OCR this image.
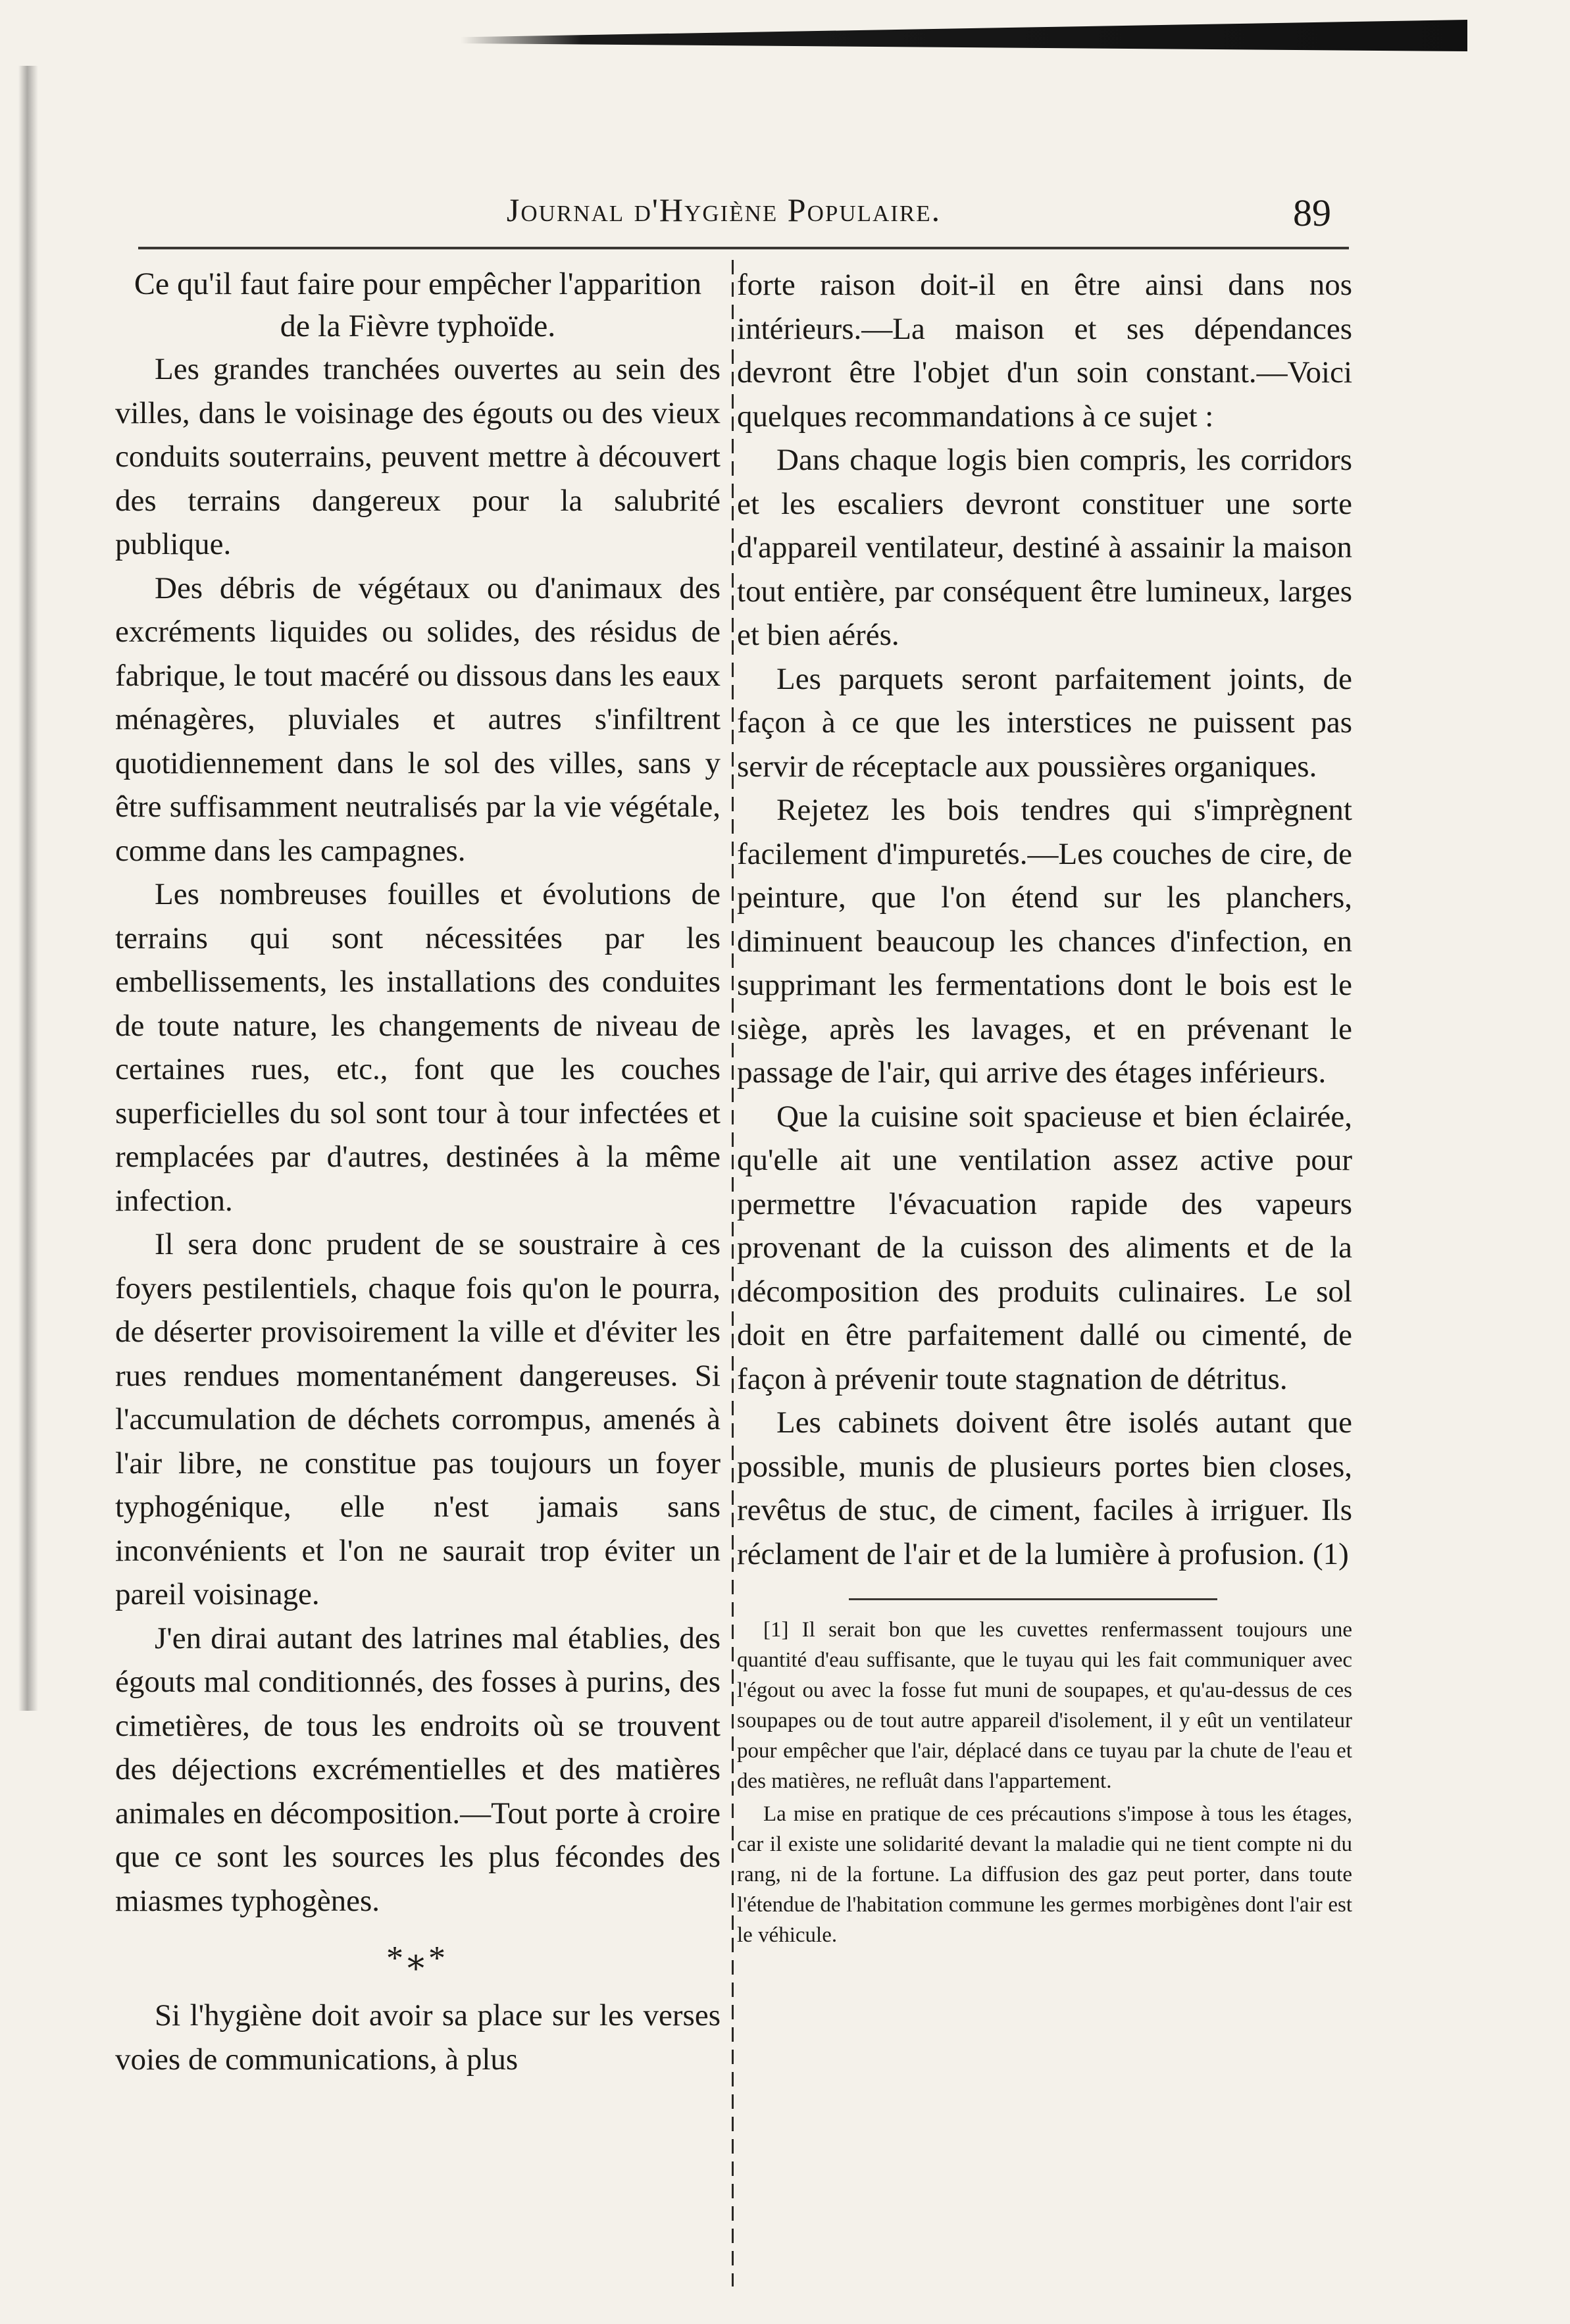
Journal d'Hygiène Populaire.	89
Ce qu'il faut faire pour empêcher l'apparition
de la Fièvre typhoïde.

Les grandes tranchées ouvertes au sein des villes, dans le voisinage des égouts ou des vieux conduits souterrains, peuvent mettre à découvert des terrains dangereux pour la salubrité publique.

Des débris de végétaux ou d'animaux des excréments liquides ou solides, des résidus de fabrique, le tout macéré ou dissous dans les eaux ménagères, pluviales et autres s'infiltrent quotidiennement dans le sol des villes, sans y être suffisamment neutralisés par la vie végétale, comme dans les campagnes.

Les nombreuses fouilles et évolutions de terrains qui sont nécessitées par les embellissements, les installations des conduites de toute nature, les changements de niveau de certaines rues, etc., font que les couches superficielles du sol sont tour à tour infectées et remplacées par d'autres, destinées à la même infection.

Il sera donc prudent de se soustraire à ces foyers pestilentiels, chaque fois qu'on le pourra, de déserter provisoirement la ville et d'éviter les rues rendues momentanément dangereuses. Si l'accumulation de déchets corrompus, amenés à l'air libre, ne constitue pas toujours un foyer typhogénique, elle n'est jamais sans inconvénients et l'on ne saurait trop éviter un pareil voisinage.

J'en dirai autant des latrines mal établies, des égouts mal conditionnés, des fosses à purins, des cimetières, de tous les endroits où se trouvent des déjections excrémentielles et des matières animales en décomposition.—Tout porte à croire que ce sont les sources les plus fécondes des miasmes typhogènes.

*⁎*

Si l'hygiène doit avoir sa place sur les verses voies de communications, à plus

forte raison doit-il en être ainsi dans nos intérieurs.—La maison et ses dépendances devront être l'objet d'un soin constant.—Voici quelques recommandations à ce sujet :

Dans chaque logis bien compris, les corridors et les escaliers devront constituer une sorte d'appareil ventilateur, destiné à assainir la maison tout entière, par conséquent être lumineux, larges et bien aérés.

Les parquets seront parfaitement joints, de façon à ce que les interstices ne puissent pas servir de réceptacle aux poussières organiques.

Rejetez les bois tendres qui s'imprègnent facilement d'impuretés.—Les couches de cire, de peinture, que l'on étend sur les planchers, diminuent beaucoup les chances d'infection, en supprimant les fermentations dont le bois est le siège, après les lavages, et en prévenant le passage de l'air, qui arrive des étages inférieurs.

Que la cuisine soit spacieuse et bien éclairée, qu'elle ait une ventilation assez active pour permettre l'évacuation rapide des vapeurs provenant de la cuisson des aliments et de la décomposition des produits culinaires. Le sol doit en être parfaitement dallé ou cimenté, de façon à prévenir toute stagnation de détritus.

Les cabinets doivent être isolés autant que possible, munis de plusieurs portes bien closes, revêtus de stuc, de ciment, faciles à irriguer. Ils réclament de l'air et de la lumière à profusion. (1)

[1] Il serait bon que les cuvettes renfermassent toujours une quantité d'eau suffisante, que le tuyau qui les fait communiquer avec l'égout ou avec la fosse fut muni de soupapes, et qu'au-dessus de ces soupapes ou de tout autre appareil d'isolement, il y eût un ventilateur pour empêcher que l'air, déplacé dans ce tuyau par la chute de l'eau et des matières, ne refluât dans l'appartement.

La mise en pratique de ces précautions s'impose à tous les étages, car il existe une solidarité devant la maladie qui ne tient compte ni du rang, ni de la fortune. La diffusion des gaz peut porter, dans toute l'étendue de l'habitation commune les germes morbigènes dont l'air est le véhicule.
